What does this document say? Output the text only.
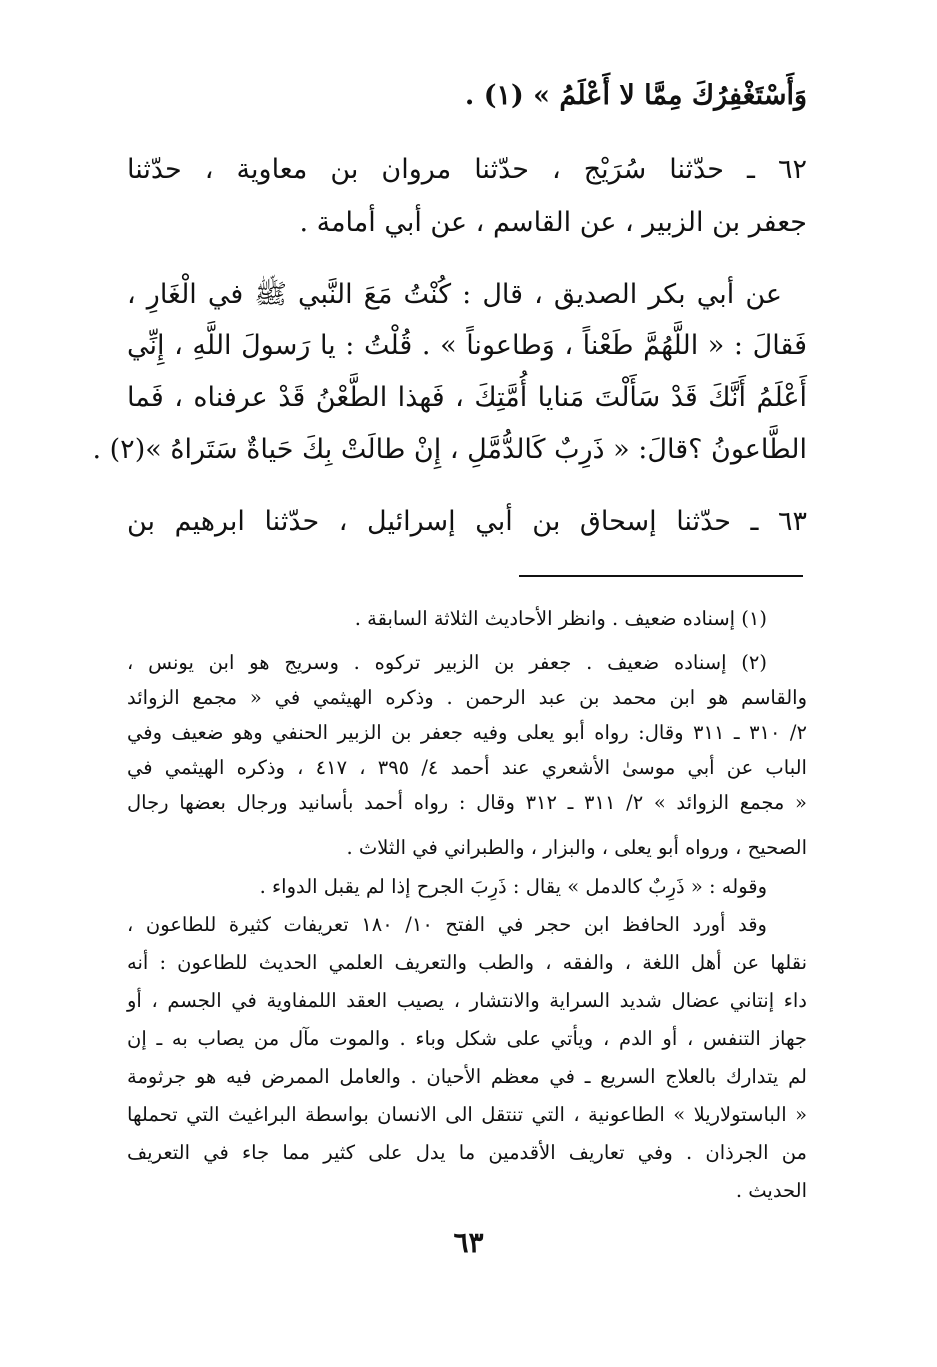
وَأَسْتَغْفِرُكَ مِمَّا لا أَعْلَمُ » (١) .
٦٢ ـ حدّثنا سُرَيْج ، حدّثنا مروان بن معاوية ، حدّثنا
جعفر بن الزبير ، عن القاسم ، عن أبي أمامة .
عن أبي بكر الصديق ، قال : كُنْتُ مَعَ النَّبي ﷺ في الْغَارِ ،
فَقالَ : « اللَّهُمَّ طَعْناً ، وَطاعوناً » . قُلْتُ : يا رَسولَ اللَّهِ ، إِنِّي
أَعْلَمُ أَنَّكَ قَدْ سَأَلْتَ مَنايا أُمَّتِكَ ، فَهذا الطَّعْنُ قَدْ عرفناه ، فَما
الطَّاعونُ ؟قالَ: « ذَرِبٌ كَالدُّمَّلِ ، إِنْ طالَتْ بِكَ حَياةٌ سَتَراهُ »(٢) .
٦٣ ـ حدّثنا إسحاق بن أبي إسرائيل ، حدّثنا ابرهيم بن
(١) إسناده ضعيف . وانظر الأحاديث الثلاثة السابقة .
(٢) إسناده ضعيف . جعفر بن الزبير تركوه . وسريج هو ابن يونس ،
والقاسم هو ابن محمد بن عبد الرحمن . وذكره الهيثمي في « مجمع الزوائد
٢/ ٣١٠ ـ ٣١١ وقال: رواه أبو يعلى وفيه جعفر بن الزبير الحنفي وهو ضعيف وفي
الباب عن أبي موسىٰ الأشعري عند أحمد ٤/ ٣٩٥ ، ٤١٧ ، وذكره الهيثمي في
« مجمع الزوائد » ٢/ ٣١١ ـ ٣١٢ وقال : رواه أحمد بأسانيد ورجال بعضها رجال
الصحيح ، ورواه أبو يعلى ، والبزار ، والطبراني في الثلاث .
وقوله : « ذَرِبٌ كالدمل » يقال : ذَرِبَ الجرح إذا لم يقبل الدواء .
وقد أورد الحافظ ابن حجر في الفتح ١٠/ ١٨٠ تعريفات كثيرة للطاعون ،
نقلها عن أهل اللغة ، والفقه ، والطب والتعريف العلمي الحديث للطاعون : أنه
داء إنتاني عضال شديد السراية والانتشار ، يصيب العقد اللمفاوية في الجسم ، أو
جهاز التنفس ، أو الدم ، ويأتي على شكل وباء . والموت مآل من يصاب به ـ إن
لم يتدارك بالعلاج السريع ـ في معظم الأحيان . والعامل الممرض فيه هو جرثومة
« الباستولاريلا » الطاعونية ، التي تنتقل الى الانسان بواسطة البراغيث التي تحملها
من الجرذان . وفي تعاريف الأقدمين ما يدل على كثير مما جاء في التعريف
الحديث .
٦٣
